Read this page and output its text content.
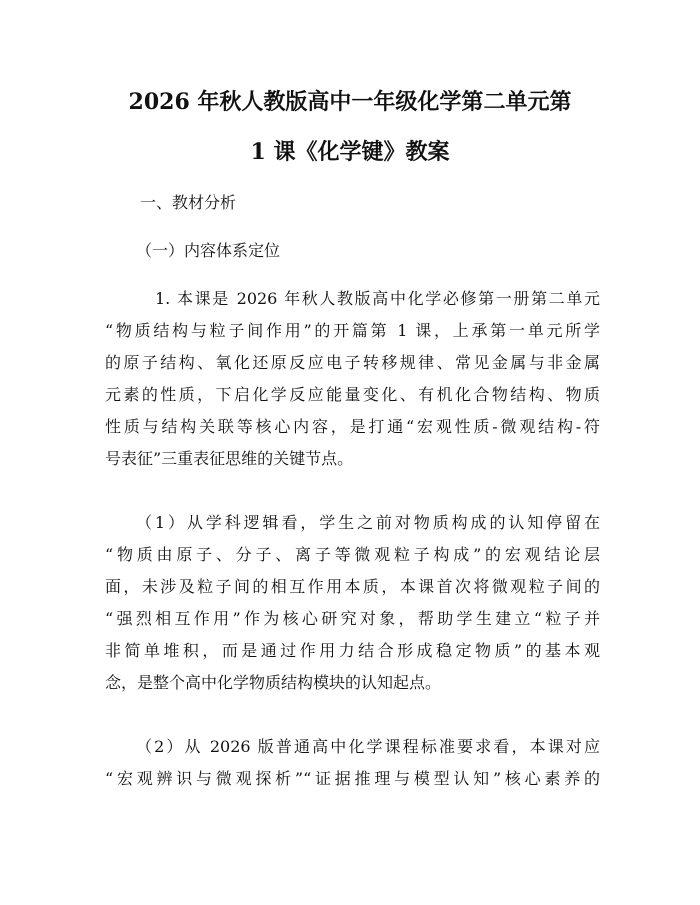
2026 年秋人教版高中一年级化学第二单元第
1 课《化学键》教案
一、教材分析
（一）内容体系定位
1. 本课是 2026 年秋人教版高中化学必修第一册第二单元
“物质结构与粒子间作用”的开篇第 1 课，上承第一单元所学
的原子结构、氧化还原反应电子转移规律、常见金属与非金属
元素的性质，下启化学反应能量变化、有机化合物结构、物质
性质与结构关联等核心内容，是打通“宏观性质-微观结构-符
号表征”三重表征思维的关键节点。
（1）从学科逻辑看，学生之前对物质构成的认知停留在
“物质由原子、分子、离子等微观粒子构成”的宏观结论层
面，未涉及粒子间的相互作用本质，本课首次将微观粒子间的
“强烈相互作用”作为核心研究对象，帮助学生建立“粒子并
非简单堆积，而是通过作用力结合形成稳定物质”的基本观
念，是整个高中化学物质结构模块的认知起点。
（2）从 2026 版普通高中化学课程标准要求看，本课对应
“宏观辨识与微观探析”“证据推理与模型认知”核心素养的
